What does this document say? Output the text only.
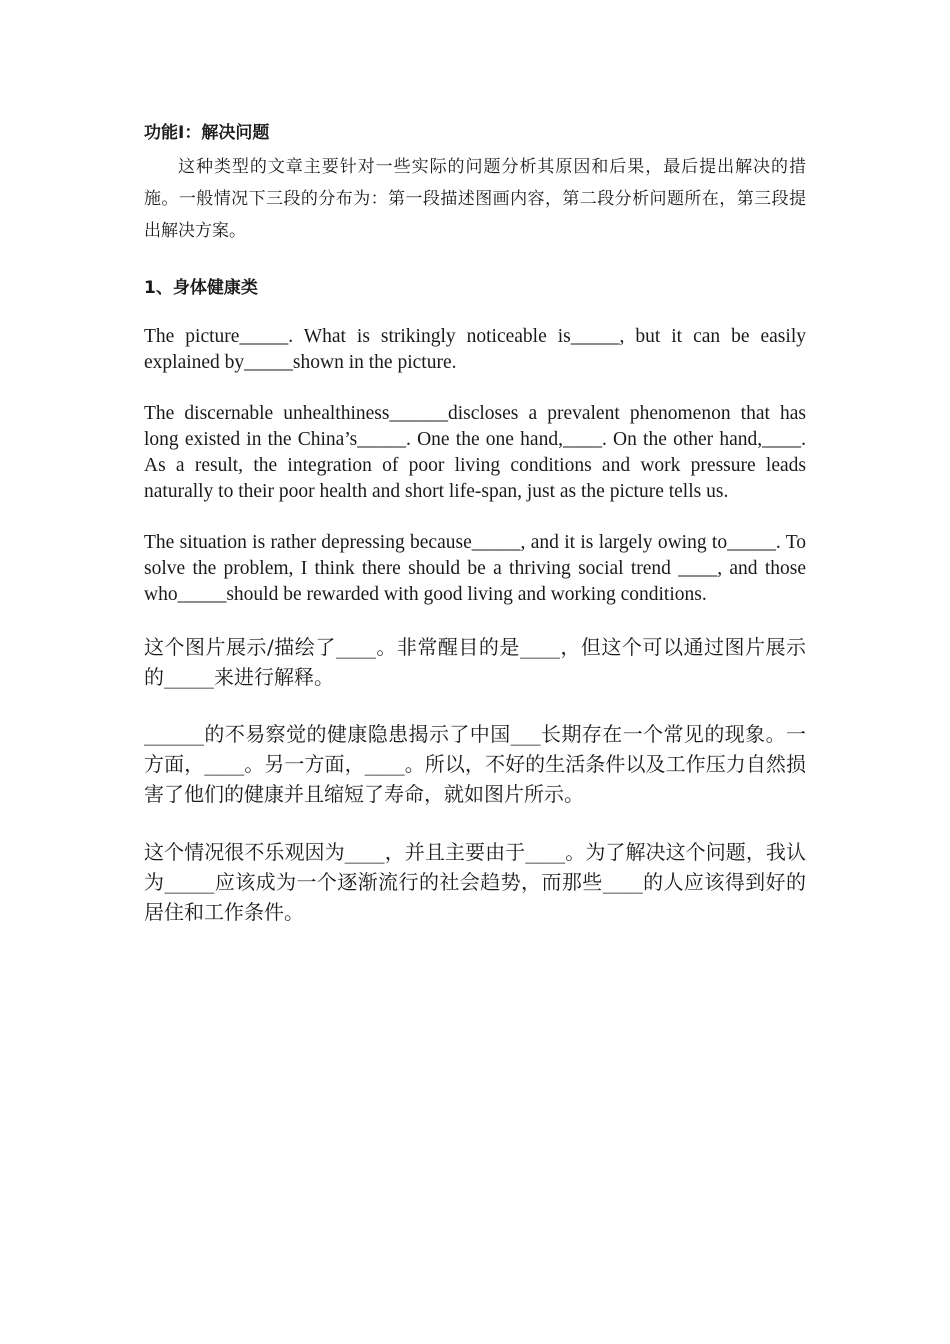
功能Ⅰ：解决问题

这种类型的文章主要针对一些实际的问题分析其原因和后果，最后提出解决的措施。一般情况下三段的分布为：第一段描述图画内容，第二段分析问题所在，第三段提出解决方案。

1、身体健康类

The picture_____. What is strikingly noticeable is_____, but it can be easily explained by_____shown in the picture.

The discernable unhealthiness______discloses a prevalent phenomenon that has long existed in the China’s_____. One the one hand,____. On the other hand,____. As a result, the integration of poor living conditions and work pressure leads naturally to their poor health and short life-span, just as the picture tells us.

The situation is rather depressing because_____, and it is largely owing to_____. To solve the problem, I think there should be a thriving social trend ____, and those who_____should be rewarded with good living and working conditions.

这个图片展示/描绘了____。非常醒目的是____，但这个可以通过图片展示的_____来进行解释。

______的不易察觉的健康隐患揭示了中国___长期存在一个常见的现象。一方面，____。另一方面，____。所以，不好的生活条件以及工作压力自然损害了他们的健康并且缩短了寿命，就如图片所示。

这个情况很不乐观因为____，并且主要由于____。为了解决这个问题，我认为_____应该成为一个逐渐流行的社会趋势，而那些____的人应该得到好的居住和工作条件。
